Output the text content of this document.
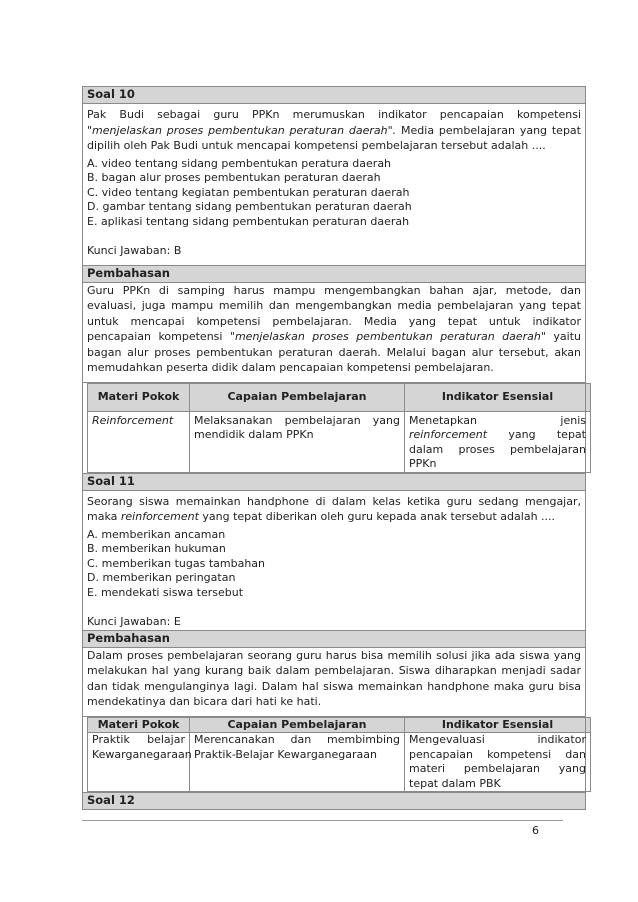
Soal 10

Pak Budi sebagai guru PPKn merumuskan indikator pencapaian kompetensi "menjelaskan proses pembentukan peraturan daerah". Media pembelajaran yang tepat dipilih oleh Pak Budi untuk mencapai kompetensi pembelajaran tersebut adalah ....

A. video tentang sidang pembentukan peratura daerah
B. bagan alur proses pembentukan peraturan daerah
C. video tentang kegiatan pembentukan peraturan daerah
D. gambar tentang sidang pembentukan peraturan daerah
E. aplikasi tentang sidang pembentukan peraturan daerah

Kunci Jawaban: B

Pembahasan
Guru PPKn di samping harus mampu mengembangkan bahan ajar, metode, dan evaluasi, juga mampu memilih dan mengembangkan media pembelajaran yang tepat untuk mencapai kompetensi pembelajaran. Media yang tepat untuk indikator pencapaian kompetensi "menjelaskan proses pembentukan peraturan daerah" yaitu bagan alur proses pembentukan peraturan daerah. Melalui bagan alur tersebut, akan memudahkan peserta didik dalam pencapaian kompetensi pembelajaran.

Materi Pokok	Capaian Pembelajaran	Indikator Esensial
Reinforcement	Melaksanakan pembelajaran yang mendidik dalam PPKn	Menetapkan jenis reinforcement yang tepat dalam proses pembelajaran PPKn

Soal 11

Seorang siswa memainkan handphone di dalam kelas ketika guru sedang mengajar, maka reinforcement yang tepat diberikan oleh guru kepada anak tersebut adalah ....

A. memberikan ancaman
B. memberikan hukuman
C. memberikan tugas tambahan
D. memberikan peringatan
E. mendekati siswa tersebut

Kunci Jawaban: E

Pembahasan
Dalam proses pembelajaran seorang guru harus bisa memilih solusi jika ada siswa yang melakukan hal yang kurang baik dalam pembelajaran. Siswa diharapkan menjadi sadar dan tidak mengulanginya lagi. Dalam hal siswa memainkan handphone maka guru bisa mendekatinya dan bicara dari hati ke hati.

Materi Pokok	Capaian Pembelajaran	Indikator Esensial
Praktik belajar Kewarganegaraan	Merencanakan dan membimbing Praktik-Belajar Kewarganegaraan	Mengevaluasi indikator pencapaian kompetensi dan materi pembelajaran yang tepat dalam PBK

Soal 12
6
